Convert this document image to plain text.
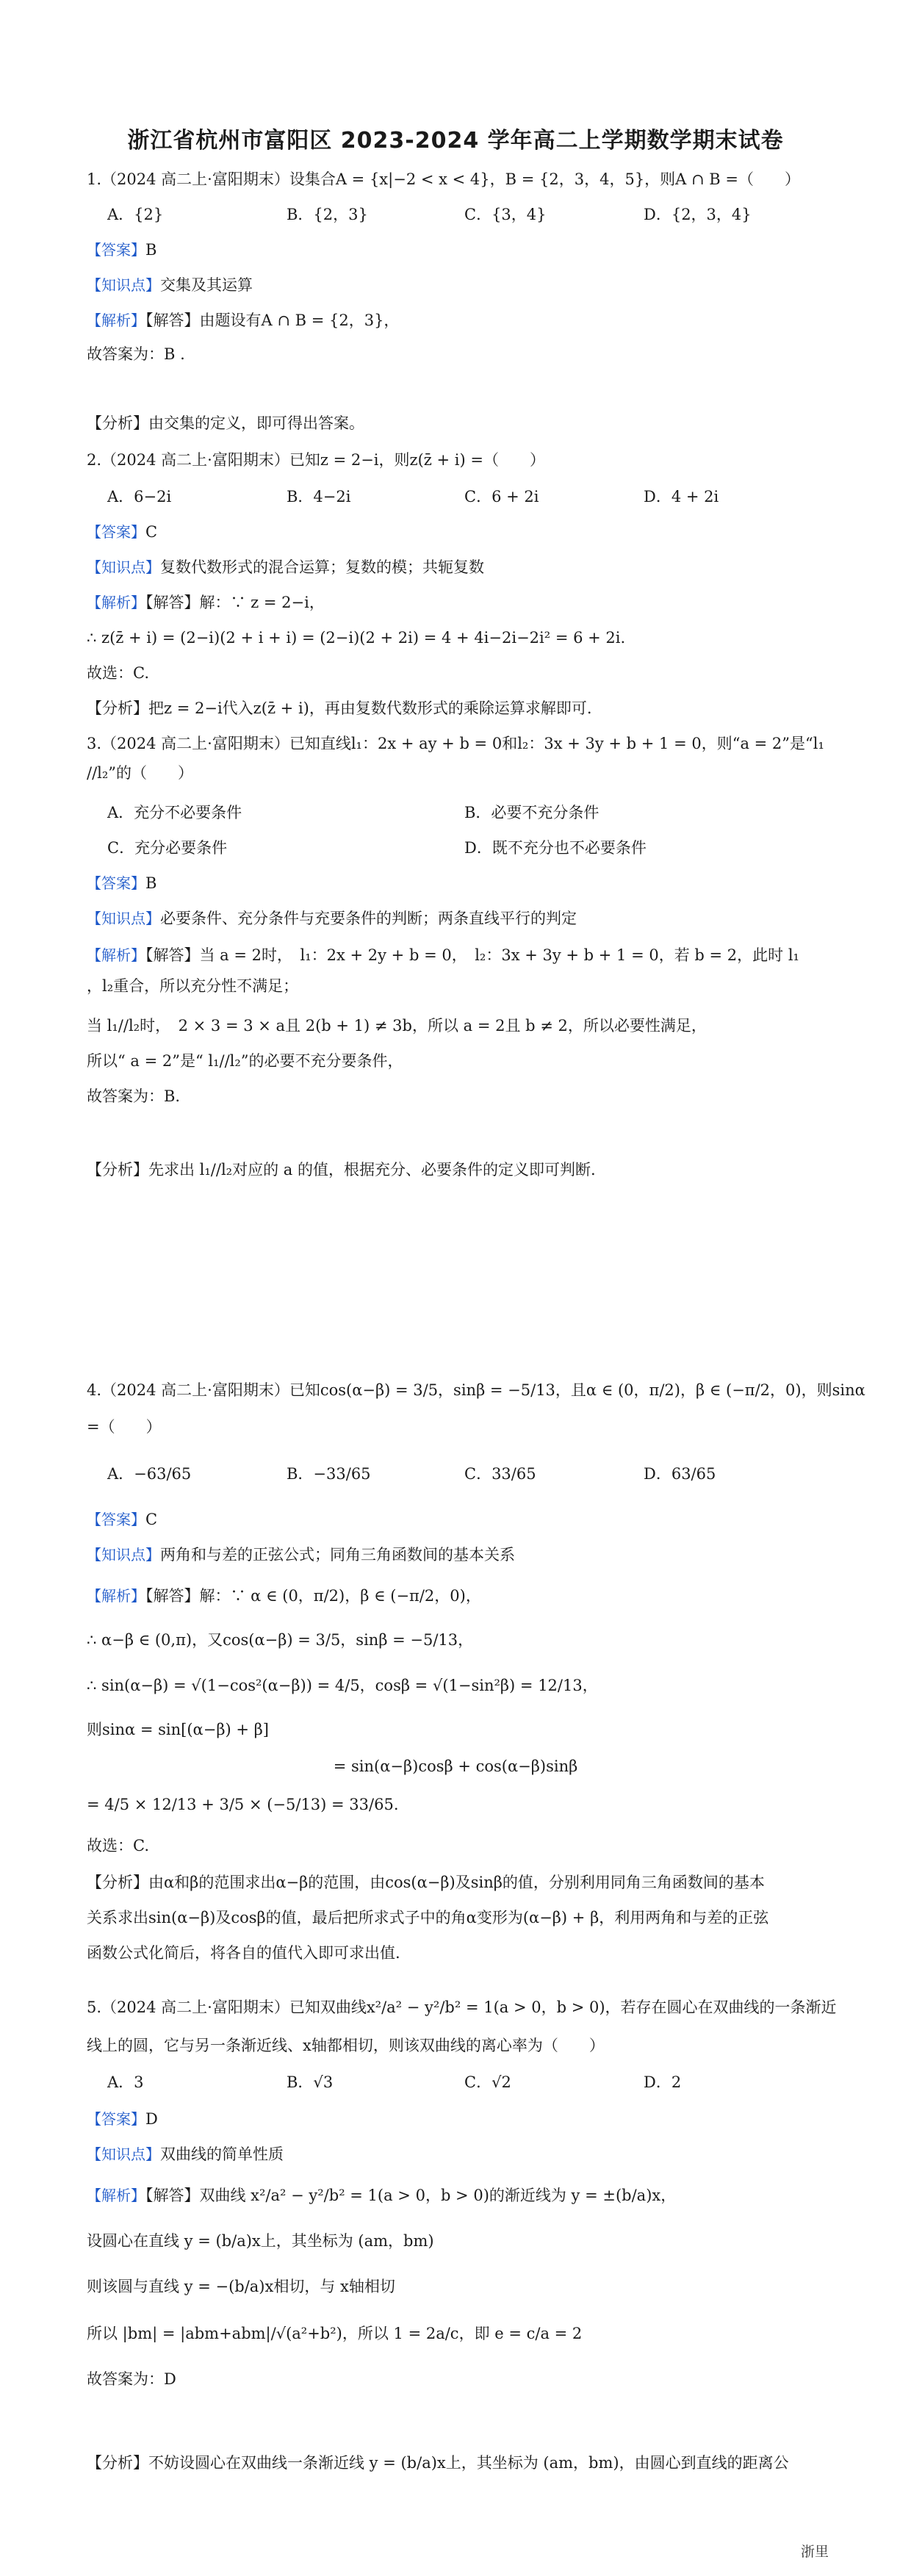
浙江省杭州市富阳区 2023-2024 学年高二上学期数学期末试卷
1.（2024 高二上·富阳期末）设集合A = {x|−2 < x < 4}，B = {2，3，4，5}，则A ∩ B =（　　）
A．{2}	B．{2，3}	C．{3，4}	D．{2，3，4}
【答案】B
【知识点】交集及其运算
【解析】【解答】由题设有A ∩ B = {2，3}，
故答案为：B .
【分析】由交集的定义，即可得出答案。
2.（2024 高二上·富阳期末）已知z = 2−i，则z(z̄ + i) =（　　）
A．6−2i	B．4−2i	C．6 + 2i	D．4 + 2i
【答案】C
【知识点】复数代数形式的混合运算；复数的模；共轭复数
【解析】【解答】解：∵ z = 2−i，
∴ z(z̄ + i) = (2−i)(2 + i + i) = (2−i)(2 + 2i) = 4 + 4i−2i−2i² = 6 + 2i.
故选：C.
【分析】把z = 2−i代入z(z̄ + i)，再由复数代数形式的乘除运算求解即可.
3.（2024 高二上·富阳期末）已知直线l₁：2x + ay + b = 0和l₂：3x + 3y + b + 1 = 0，则“a = 2”是“l₁
//l₂”的（　　）
A．充分不必要条件	B．必要不充分条件
C．充分必要条件	D．既不充分也不必要条件
【答案】B
【知识点】必要条件、充分条件与充要条件的判断；两条直线平行的判定
【解析】【解答】当 a = 2时，　l₁：2x + 2y + b = 0，　l₂：3x + 3y + b + 1 = 0，若 b = 2，此时 l₁
，l₂重合，所以充分性不满足；
当 l₁//l₂时，　2 × 3 = 3 × a且 2(b + 1) ≠ 3b，所以 a = 2且 b ≠ 2，所以必要性满足，
所以“ a = 2”是“ l₁//l₂”的必要不充分要条件，
故答案为：B.
【分析】先求出 l₁//l₂对应的 a 的值，根据充分、必要条件的定义即可判断.
4.（2024 高二上·富阳期末）已知cos(α−β) = 3/5，sinβ = −5/13，且α ∈ (0，π/2)，β ∈ (−π/2，0)，则sinα
=（　　）
A．−63/65	B．−33/65	C．33/65	D．63/65
【答案】C
【知识点】两角和与差的正弦公式；同角三角函数间的基本关系
【解析】【解答】解：∵ α ∈ (0，π/2)，β ∈ (−π/2，0)，
∴ α−β ∈ (0,π)，又cos(α−β) = 3/5，sinβ = −5/13，
∴ sin(α−β) = √(1−cos²(α−β)) = 4/5，cosβ = √(1−sin²β) = 12/13，
则sinα = sin[(α−β) + β]
= sin(α−β)cosβ + cos(α−β)sinβ
= 4/5 × 12/13 + 3/5 × (−5/13) = 33/65.
故选：C.
【分析】由α和β的范围求出α−β的范围，由cos(α−β)及sinβ的值，分别利用同角三角函数间的基本
关系求出sin(α−β)及cosβ的值，最后把所求式子中的角α变形为(α−β) + β，利用两角和与差的正弦
函数公式化简后，将各自的值代入即可求出值.
5.（2024 高二上·富阳期末）已知双曲线x²/a² − y²/b² = 1(a > 0，b > 0)，若存在圆心在双曲线的一条渐近
线上的圆，它与另一条渐近线、x轴都相切，则该双曲线的离心率为（　　）
A．3	B．√3	C．√2	D．2
【答案】D
【知识点】双曲线的简单性质
【解析】【解答】双曲线 x²/a² − y²/b² = 1(a > 0，b > 0)的渐近线为 y = ±(b/a)x，
设圆心在直线 y = (b/a)x上，其坐标为 (am，bm)
则该圆与直线 y = −(b/a)x相切，与 x轴相切
所以 |bm| = |abm+abm|/√(a²+b²)，所以 1 = 2a/c，即 e = c/a = 2
故答案为：D
【分析】不妨设圆心在双曲线一条渐近线 y = (b/a)x上，其坐标为 (am，bm)，由圆心到直线的距离公
浙里
